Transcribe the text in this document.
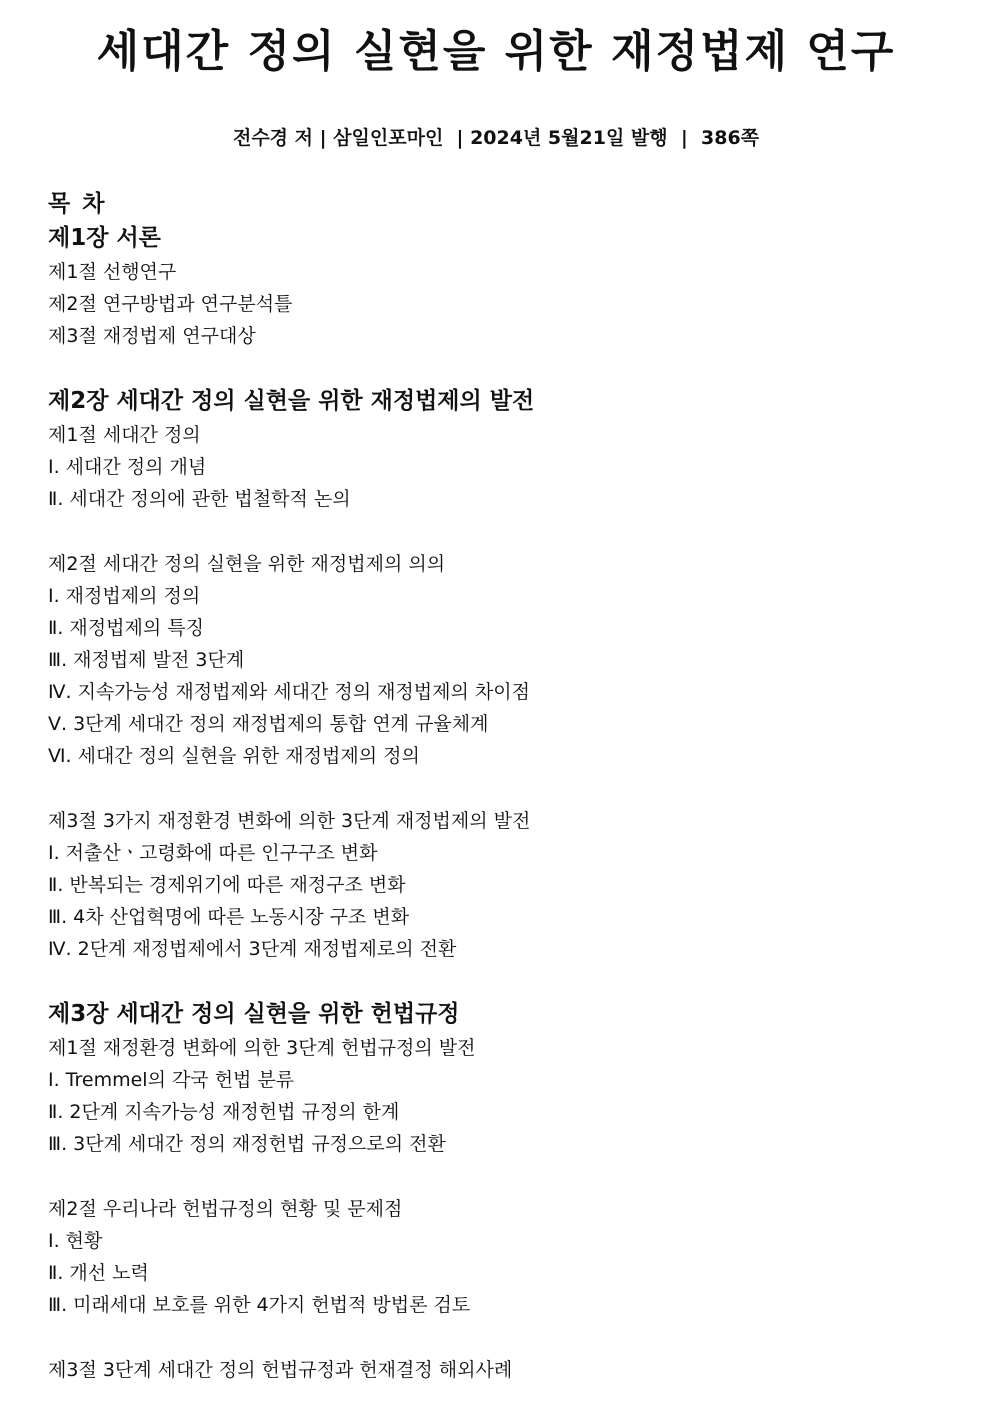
세대간 정의 실현을 위한 재정법제 연구
전수경 저 | 삼일인포마인  | 2024년 5월21일 발행  |  386쪽
목 차
제1장 서론
제1절 선행연구
제2절 연구방법과 연구분석틀
제3절 재정법제 연구대상
제2장 세대간 정의 실현을 위한 재정법제의 발전
제1절 세대간 정의
Ⅰ. 세대간 정의 개념
Ⅱ. 세대간 정의에 관한 법철학적 논의
제2절 세대간 정의 실현을 위한 재정법제의 의의
Ⅰ. 재정법제의 정의
Ⅱ. 재정법제의 특징
Ⅲ. 재정법제 발전 3단계
Ⅳ. 지속가능성 재정법제와 세대간 정의 재정법제의 차이점
Ⅴ. 3단계 세대간 정의 재정법제의 통합 연계 규율체계
Ⅵ. 세대간 정의 실현을 위한 재정법제의 정의
제3절 3가지 재정환경 변화에 의한 3단계 재정법제의 발전
Ⅰ. 저출산ㆍ고령화에 따른 인구구조 변화
Ⅱ. 반복되는 경제위기에 따른 재정구조 변화
Ⅲ. 4차 산업혁명에 따른 노동시장 구조 변화
Ⅳ. 2단계 재정법제에서 3단계 재정법제로의 전환
제3장 세대간 정의 실현을 위한 헌법규정
제1절 재정환경 변화에 의한 3단계 헌법규정의 발전
Ⅰ. Tremmel의 각국 헌법 분류
Ⅱ. 2단계 지속가능성 재정헌법 규정의 한계
Ⅲ. 3단계 세대간 정의 재정헌법 규정으로의 전환
제2절 우리나라 헌법규정의 현황 및 문제점
Ⅰ. 현황
Ⅱ. 개선 노력
Ⅲ. 미래세대 보호를 위한 4가지 헌법적 방법론 검토
제3절 3단계 세대간 정의 헌법규정과 헌재결정 해외사례
